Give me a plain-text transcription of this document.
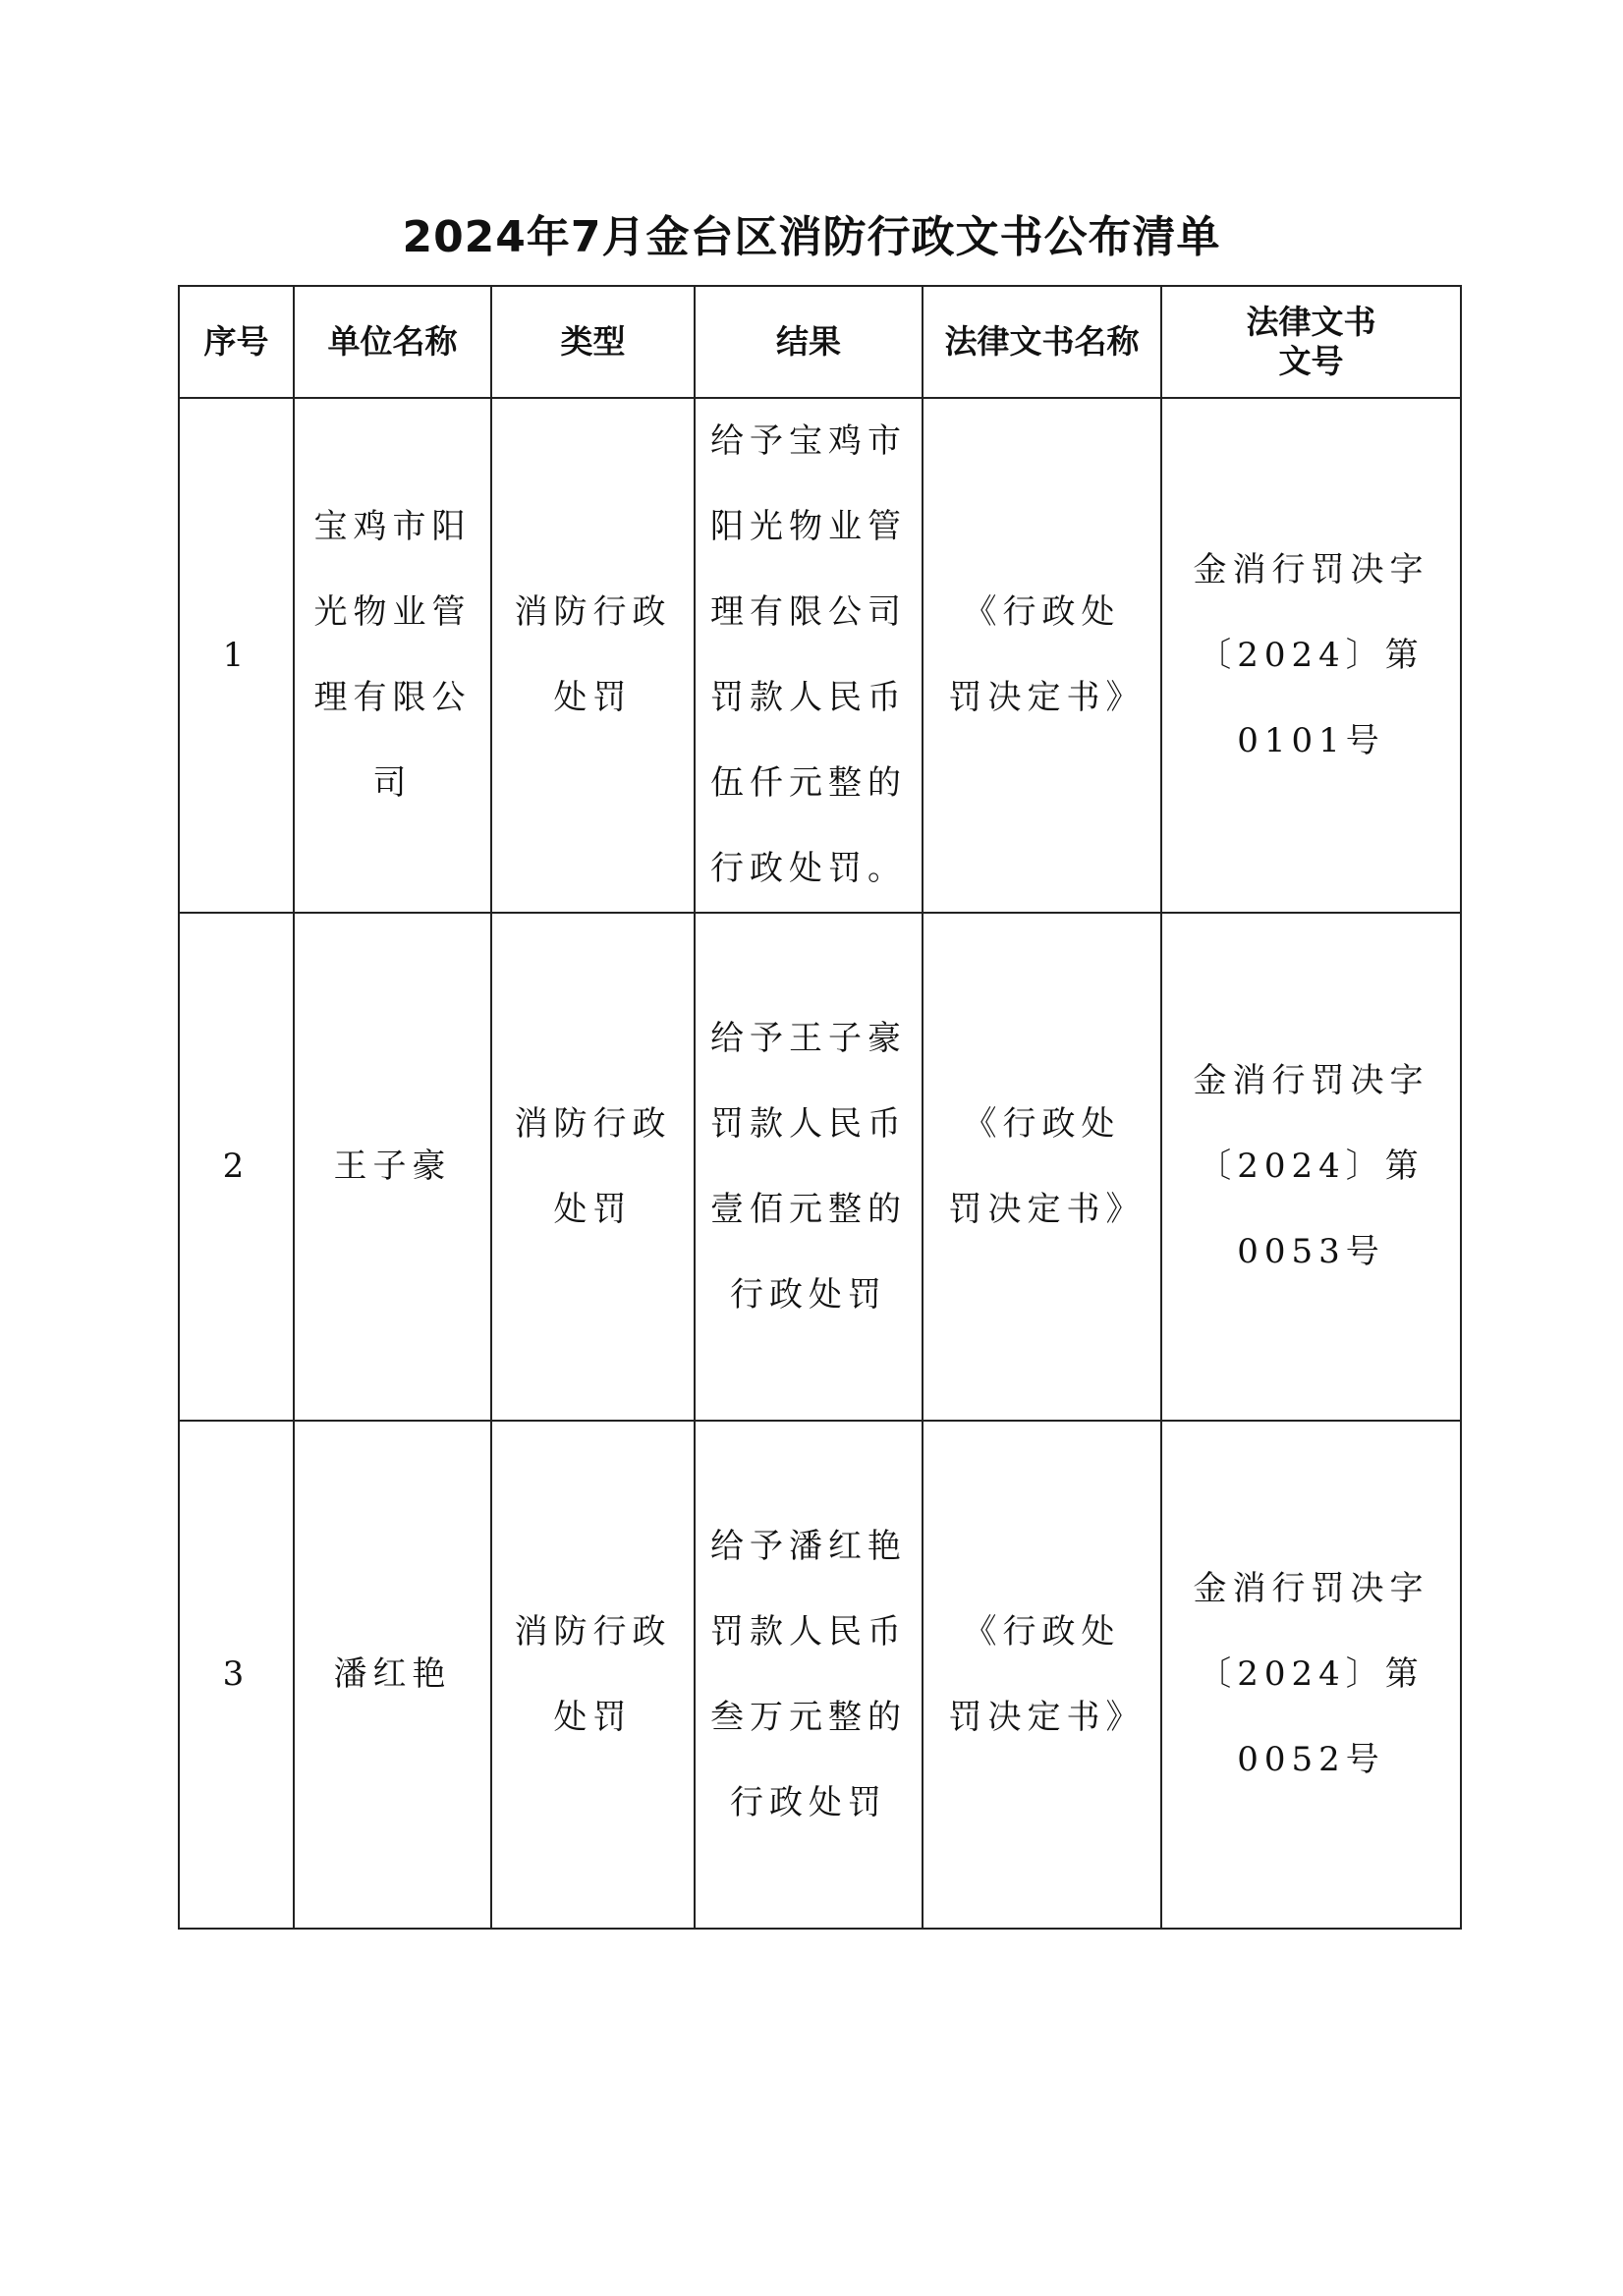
2024年7月金台区消防行政文书公布清单
序号	单位名称	类型	结果	法律文书名称	法律文书文号

1	宝鸡市阳光物业管理有限公司	消防行政处罚	给予宝鸡市阳光物业管理有限公司罚款人民币伍仟元整的行政处罚。	《行政处罚决定书》	金消行罚决字〔2024〕第0101号

2	王子豪	消防行政处罚	给予王子豪罚款人民币壹佰元整的行政处罚	《行政处罚决定书》	金消行罚决字〔2024〕第0053号

3	潘红艳	消防行政处罚	给予潘红艳罚款人民币叁万元整的行政处罚	《行政处罚决定书》	金消行罚决字〔2024〕第0052号
